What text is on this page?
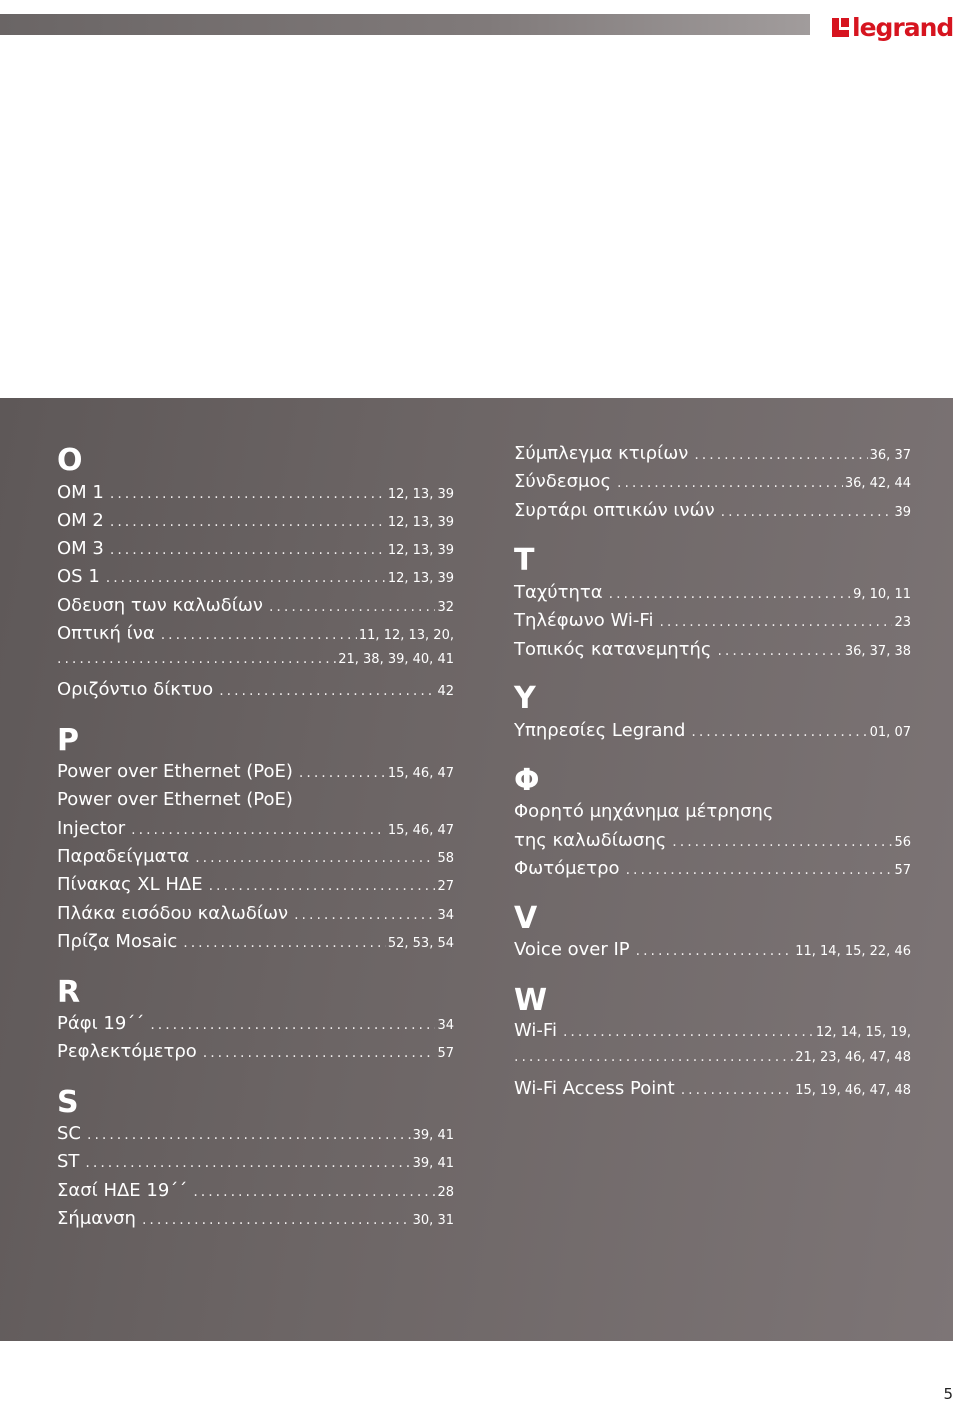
legrand
O
OM 1 .....	12, 13, 39
OM 2 .....	12, 13, 39
OM 3 .....	12, 13, 39
OS 1 .....	12, 13, 39
Οδευση των καλωδίων .....	32
Οπτική ίνα .....	11, 12, 13, 20,
.....
21, 38, 39, 40, 41
Οριζόντιο δίκτυο .....	42
P
Power over Ethernet (PoE) .....	15, 46, 47
Power over Ethernet (PoE)
Injector .....	15, 46, 47
Παραδείγματα .....	58
Πίνακας XL ΗΔΕ .....	27
Πλάκα εισόδου καλωδίων .....	34
Πρίζα Mosaic .....	52, 53, 54
R
Ράφι 19΄΄ .....	34
Ρεφλεκτόμετρο .....	57
S
SC .....	39, 41
ST .....	39, 41
Σασί ΗΔΕ 19΄΄ .....	28
Σήμανση .....	30, 31
Σύμπλεγμα κτιρίων .....	36, 37
Σύνδεσμος .....	36, 42, 44
Συρτάρι οπτικών ινών .....	39
T
Ταχύτητα .....	9, 10, 11
Τηλέφωνο Wi-Fi .....	23
Τοπικός κατανεμητής .....	36, 37, 38
Y
Υπηρεσίες Legrand .....	01, 07
Φ
Φορητό μηχάνημα μέτρησης
της καλωδίωσης .....	56
Φωτόμετρο .....	57
V
Voice over IP .....	11, 14, 15, 22, 46
W
Wi-Fi .....	12, 14, 15, 19,
.....
21, 23, 46, 47, 48
Wi-Fi Access Point .....	15, 19, 46, 47, 48
5
